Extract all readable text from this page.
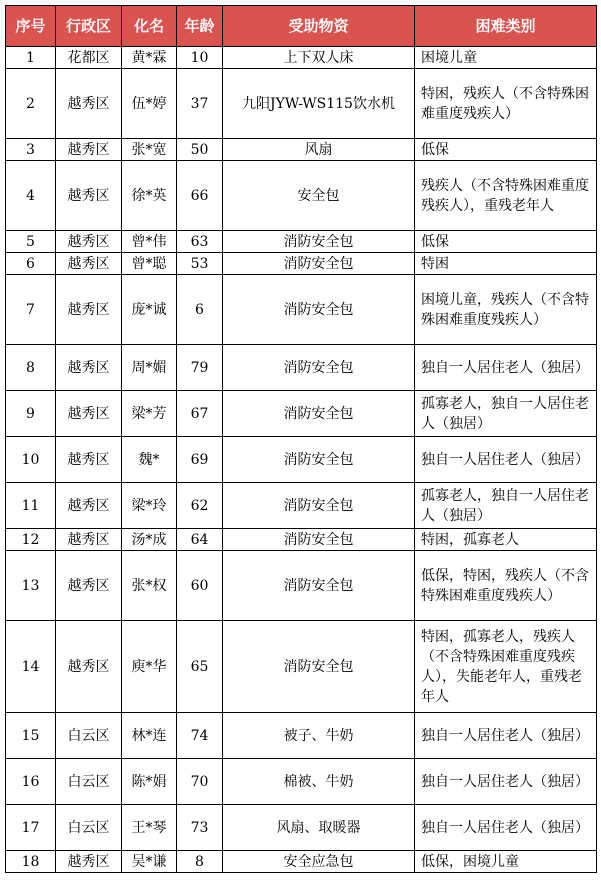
序号	行政区	化名	年龄	受助物资	困难类别
1	花都区	黄*霖	10	上下双人床	困境儿童
2	越秀区	伍*婷	37	九阳JYW-WS115饮水机	特困，残疾人（不含特殊困难重度残疾人）
3	越秀区	张*宽	50	风扇	低保
4	越秀区	徐*英	66	安全包	残疾人（不含特殊困难重度残疾人），重残老年人
5	越秀区	曾*伟	63	消防安全包	低保
6	越秀区	曾*聪	53	消防安全包	特困
7	越秀区	庞*诚	6	消防安全包	困境儿童，残疾人（不含特殊困难重度残疾人）
8	越秀区	周*媚	79	消防安全包	独自一人居住老人（独居）
9	越秀区	梁*芳	67	消防安全包	孤寡老人，独自一人居住老人（独居）
10	越秀区	魏*	69	消防安全包	独自一人居住老人（独居）
11	越秀区	梁*玲	62	消防安全包	孤寡老人，独自一人居住老人（独居）
12	越秀区	汤*成	64	消防安全包	特困，孤寡老人
13	越秀区	张*权	60	消防安全包	低保，特困，残疾人（不含特殊困难重度残疾人）
14	越秀区	庾*华	65	消防安全包	特困，孤寡老人，残疾人（不含特殊困难重度残疾人），失能老年人，重残老年人
15	白云区	林*连	74	被子、牛奶	独自一人居住老人（独居）
16	白云区	陈*娟	70	棉被、牛奶	独自一人居住老人（独居）
17	白云区	王*琴	73	风扇、取暖器	独自一人居住老人（独居）
18	越秀区	吴*谦	8	安全应急包	低保，困境儿童
